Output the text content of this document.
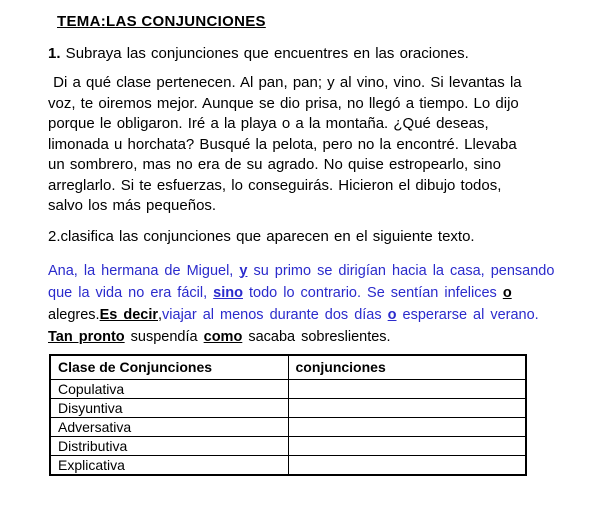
TEMA:LAS CONJUNCIONES

1. Subraya las conjunciones que encuentres en las oraciones.

Di a qué clase pertenecen. Al pan, pan; y al vino, vino. Si levantas la
voz, te oiremos mejor. Aunque se dio prisa, no llegó a tiempo. Lo dijo
porque le obligaron. Iré a la playa o a la montaña. ¿Qué deseas,
limonada u horchata? Busqué la pelota, pero no la encontré. Llevaba
un sombrero, mas no era de su agrado. No quise estropearlo, sino
arreglarlo. Si te esfuerzas, lo conseguirás. Hicieron el dibujo todos,
salvo los más pequeños.

2.clasifica las conjunciones que aparecen en el siguiente texto.

Ana, la hermana de Miguel, y su primo se dirigían hacia la casa, pensando
que la vida no era fácil, sino todo lo contrario. Se sentían infelices o
alegres.Es decir,viajar al menos durante dos días o esperarse al verano.
Tan pronto suspendía como sacaba sobreslientes.
Clase de Conjunciones	conjunciones
Copulativa	
Disyuntiva	
Adversativa	
Distributiva	
Explicativa	
